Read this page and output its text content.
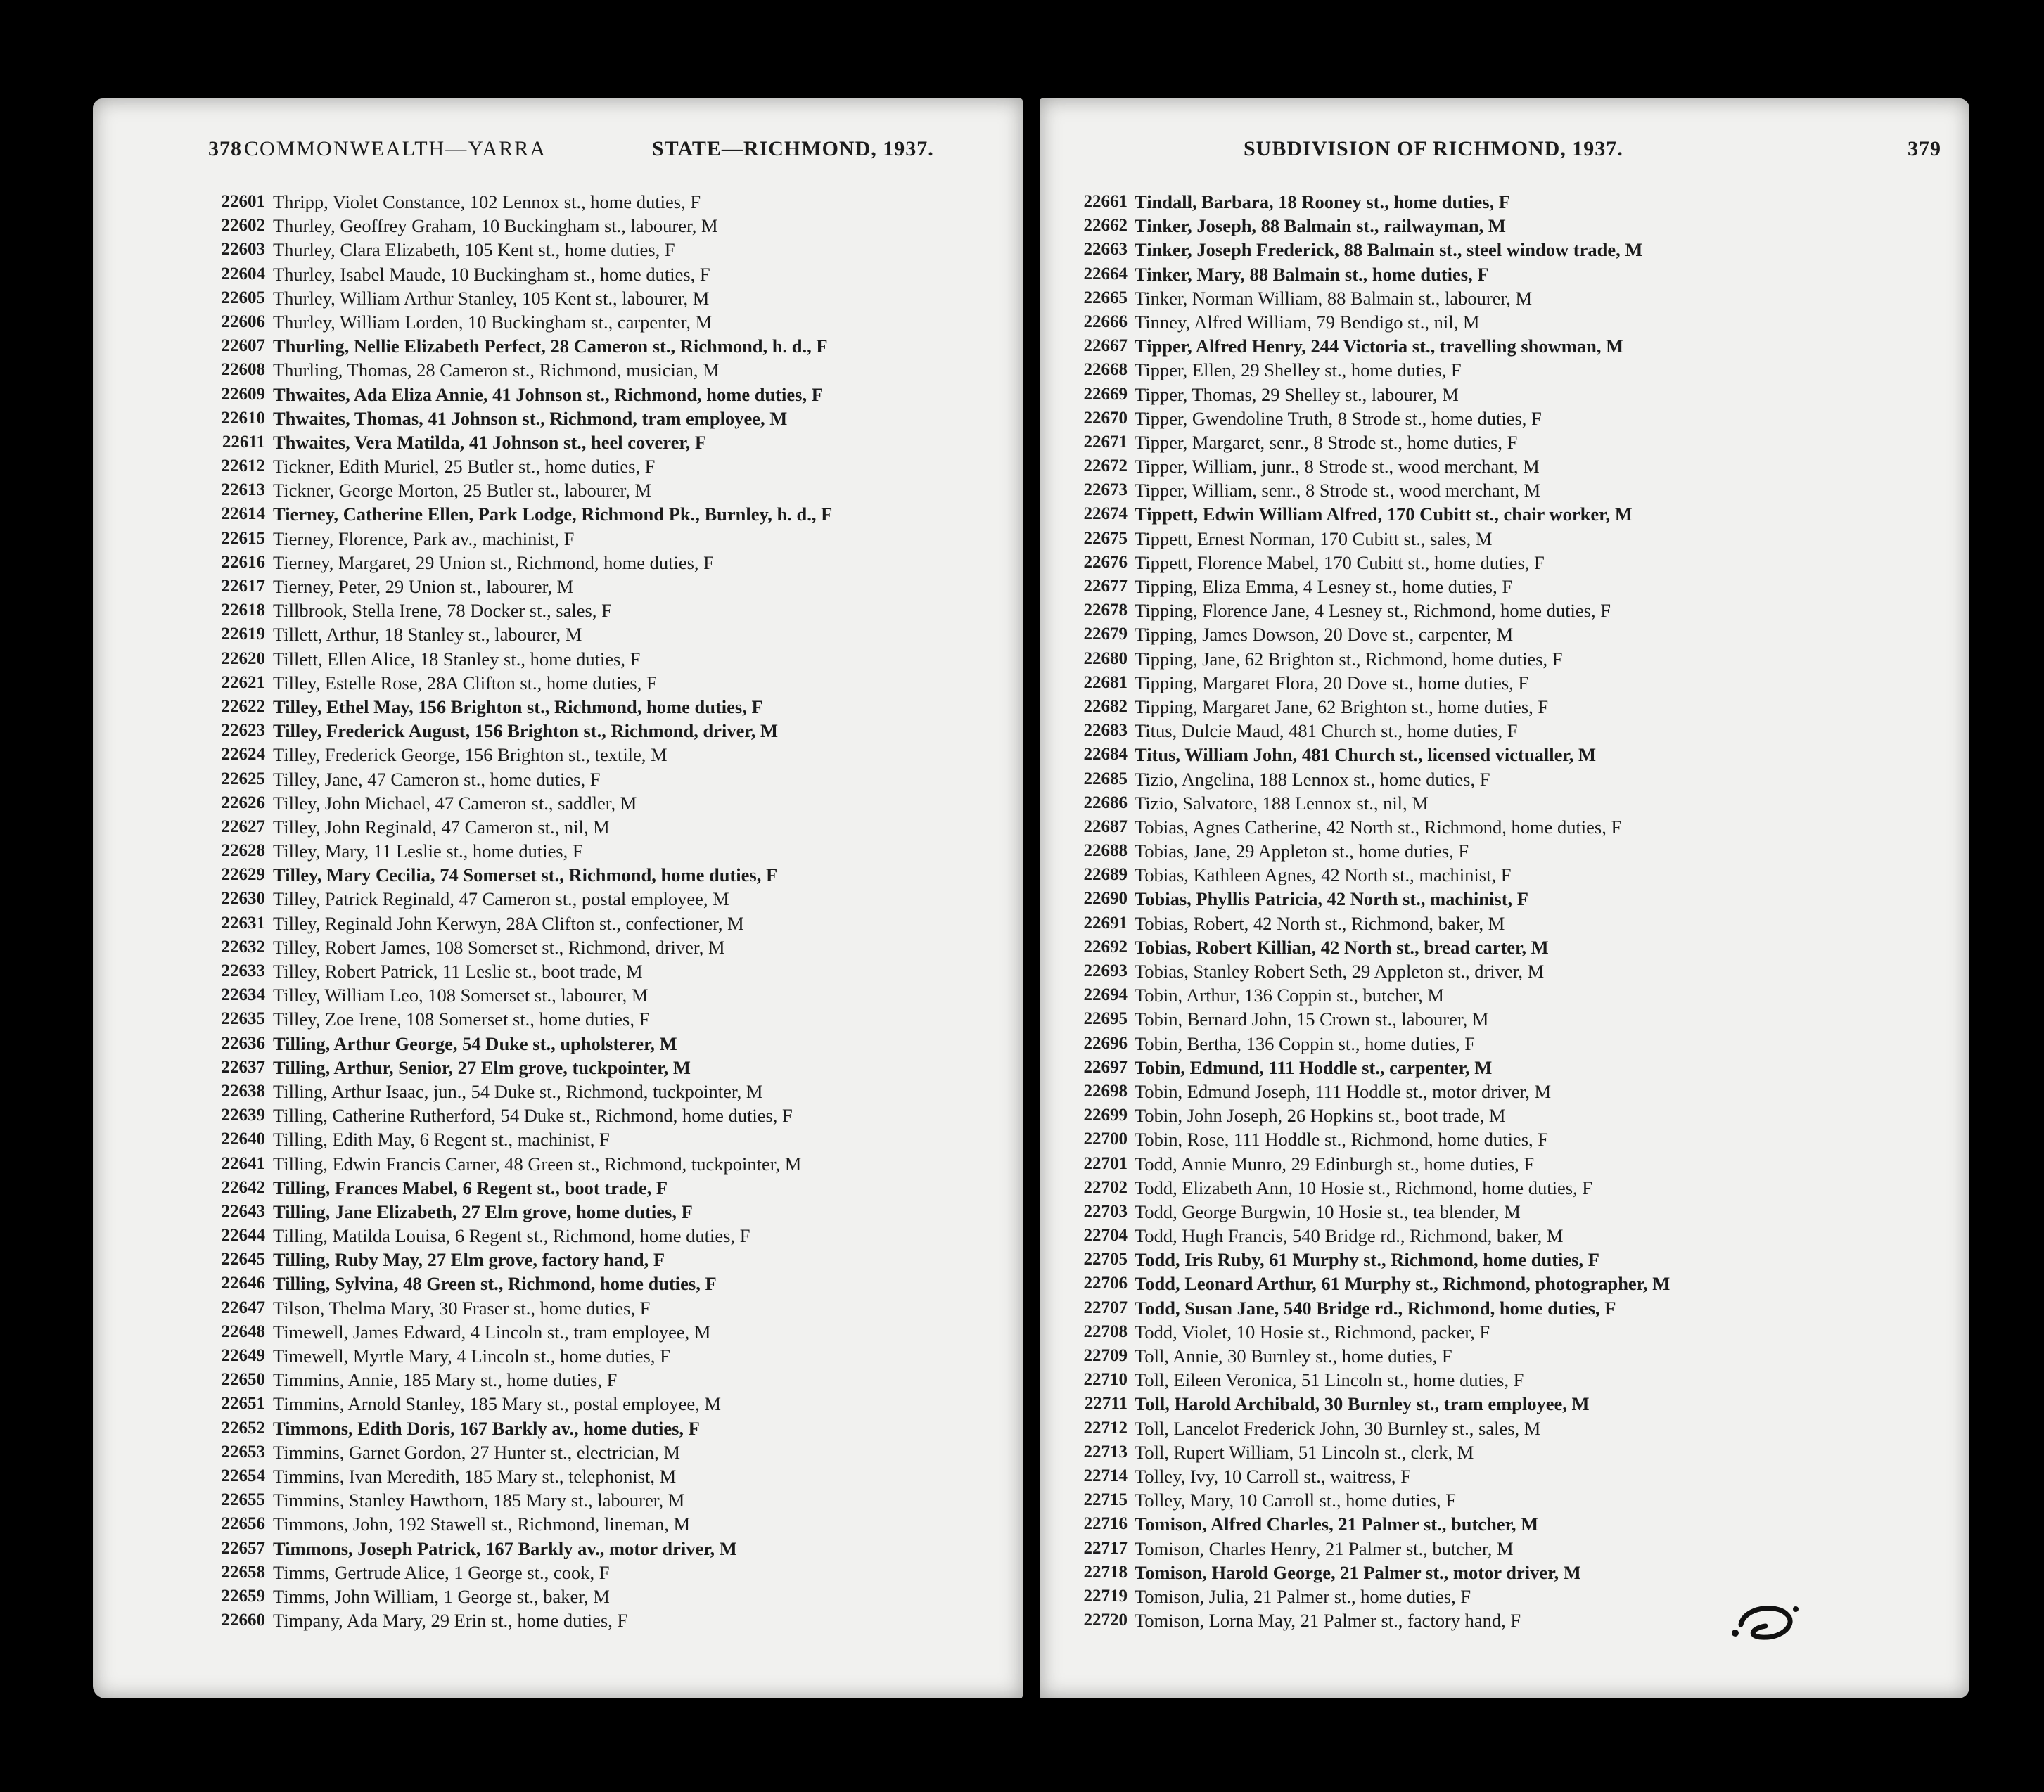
378 COMMONWEALTH—YARRA	STATE—RICHMOND, 1937.
22601 Thripp, Violet Constance, 102 Lennox st., home duties, F
22602 Thurley, Geoffrey Graham, 10 Buckingham st., labourer, M
22603 Thurley, Clara Elizabeth, 105 Kent st., home duties, F
22604 Thurley, Isabel Maude, 10 Buckingham st., home duties, F
22605 Thurley, William Arthur Stanley, 105 Kent st., labourer, M
22606 Thurley, William Lorden, 10 Buckingham st., carpenter, M
22607 Thurling, Nellie Elizabeth Perfect, 28 Cameron st., Richmond, h. d., F
22608 Thurling, Thomas, 28 Cameron st., Richmond, musician, M
22609 Thwaites, Ada Eliza Annie, 41 Johnson st., Richmond, home duties, F
22610 Thwaites, Thomas, 41 Johnson st., Richmond, tram employee, M
22611 Thwaites, Vera Matilda, 41 Johnson st., heel coverer, F
22612 Tickner, Edith Muriel, 25 Butler st., home duties, F
22613 Tickner, George Morton, 25 Butler st., labourer, M
22614 Tierney, Catherine Ellen, Park Lodge, Richmond Pk., Burnley, h. d., F
22615 Tierney, Florence, Park av., machinist, F
22616 Tierney, Margaret, 29 Union st., Richmond, home duties, F
22617 Tierney, Peter, 29 Union st., labourer, M
22618 Tillbrook, Stella Irene, 78 Docker st., sales, F
22619 Tillett, Arthur, 18 Stanley st., labourer, M
22620 Tillett, Ellen Alice, 18 Stanley st., home duties, F
22621 Tilley, Estelle Rose, 28A Clifton st., home duties, F
22622 Tilley, Ethel May, 156 Brighton st., Richmond, home duties, F
22623 Tilley, Frederick August, 156 Brighton st., Richmond, driver, M
22624 Tilley, Frederick George, 156 Brighton st., textile, M
22625 Tilley, Jane, 47 Cameron st., home duties, F
22626 Tilley, John Michael, 47 Cameron st., saddler, M
22627 Tilley, John Reginald, 47 Cameron st., nil, M
22628 Tilley, Mary, 11 Leslie st., home duties, F
22629 Tilley, Mary Cecilia, 74 Somerset st., Richmond, home duties, F
22630 Tilley, Patrick Reginald, 47 Cameron st., postal employee, M
22631 Tilley, Reginald John Kerwyn, 28A Clifton st., confectioner, M
22632 Tilley, Robert James, 108 Somerset st., Richmond, driver, M
22633 Tilley, Robert Patrick, 11 Leslie st., boot trade, M
22634 Tilley, William Leo, 108 Somerset st., labourer, M
22635 Tilley, Zoe Irene, 108 Somerset st., home duties, F
22636 Tilling, Arthur George, 54 Duke st., upholsterer, M
22637 Tilling, Arthur, Senior, 27 Elm grove, tuckpointer, M
22638 Tilling, Arthur Isaac, jun., 54 Duke st., Richmond, tuckpointer, M
22639 Tilling, Catherine Rutherford, 54 Duke st., Richmond, home duties, F
22640 Tilling, Edith May, 6 Regent st., machinist, F
22641 Tilling, Edwin Francis Carner, 48 Green st., Richmond, tuckpointer, M
22642 Tilling, Frances Mabel, 6 Regent st., boot trade, F
22643 Tilling, Jane Elizabeth, 27 Elm grove, home duties, F
22644 Tilling, Matilda Louisa, 6 Regent st., Richmond, home duties, F
22645 Tilling, Ruby May, 27 Elm grove, factory hand, F
22646 Tilling, Sylvina, 48 Green st., Richmond, home duties, F
22647 Tilson, Thelma Mary, 30 Fraser st., home duties, F
22648 Timewell, James Edward, 4 Lincoln st., tram employee, M
22649 Timewell, Myrtle Mary, 4 Lincoln st., home duties, F
22650 Timmins, Annie, 185 Mary st., home duties, F
22651 Timmins, Arnold Stanley, 185 Mary st., postal employee, M
22652 Timmons, Edith Doris, 167 Barkly av., home duties, F
22653 Timmins, Garnet Gordon, 27 Hunter st., electrician, M
22654 Timmins, Ivan Meredith, 185 Mary st., telephonist, M
22655 Timmins, Stanley Hawthorn, 185 Mary st., labourer, M
22656 Timmons, John, 192 Stawell st., Richmond, lineman, M
22657 Timmons, Joseph Patrick, 167 Barkly av., motor driver, M
22658 Timms, Gertrude Alice, 1 George st., cook, F
22659 Timms, John William, 1 George st., baker, M
22660 Timpany, Ada Mary, 29 Erin st., home duties, F
SUBDIVISION OF RICHMOND, 1937.	379
22661 Tindall, Barbara, 18 Rooney st., home duties, F
22662 Tinker, Joseph, 88 Balmain st., railwayman, M
22663 Tinker, Joseph Frederick, 88 Balmain st., steel window trade, M
22664 Tinker, Mary, 88 Balmain st., home duties, F
22665 Tinker, Norman William, 88 Balmain st., labourer, M
22666 Tinney, Alfred William, 79 Bendigo st., nil, M
22667 Tipper, Alfred Henry, 244 Victoria st., travelling showman, M
22668 Tipper, Ellen, 29 Shelley st., home duties, F
22669 Tipper, Thomas, 29 Shelley st., labourer, M
22670 Tipper, Gwendoline Truth, 8 Strode st., home duties, F
22671 Tipper, Margaret, senr., 8 Strode st., home duties, F
22672 Tipper, William, junr., 8 Strode st., wood merchant, M
22673 Tipper, William, senr., 8 Strode st., wood merchant, M
22674 Tippett, Edwin William Alfred, 170 Cubitt st., chair worker, M
22675 Tippett, Ernest Norman, 170 Cubitt st., sales, M
22676 Tippett, Florence Mabel, 170 Cubitt st., home duties, F
22677 Tipping, Eliza Emma, 4 Lesney st., home duties, F
22678 Tipping, Florence Jane, 4 Lesney st., Richmond, home duties, F
22679 Tipping, James Dowson, 20 Dove st., carpenter, M
22680 Tipping, Jane, 62 Brighton st., Richmond, home duties, F
22681 Tipping, Margaret Flora, 20 Dove st., home duties, F
22682 Tipping, Margaret Jane, 62 Brighton st., home duties, F
22683 Titus, Dulcie Maud, 481 Church st., home duties, F
22684 Titus, William John, 481 Church st., licensed victualler, M
22685 Tizio, Angelina, 188 Lennox st., home duties, F
22686 Tizio, Salvatore, 188 Lennox st., nil, M
22687 Tobias, Agnes Catherine, 42 North st., Richmond, home duties, F
22688 Tobias, Jane, 29 Appleton st., home duties, F
22689 Tobias, Kathleen Agnes, 42 North st., machinist, F
22690 Tobias, Phyllis Patricia, 42 North st., machinist, F
22691 Tobias, Robert, 42 North st., Richmond, baker, M
22692 Tobias, Robert Killian, 42 North st., bread carter, M
22693 Tobias, Stanley Robert Seth, 29 Appleton st., driver, M
22694 Tobin, Arthur, 136 Coppin st., butcher, M
22695 Tobin, Bernard John, 15 Crown st., labourer, M
22696 Tobin, Bertha, 136 Coppin st., home duties, F
22697 Tobin, Edmund, 111 Hoddle st., carpenter, M
22698 Tobin, Edmund Joseph, 111 Hoddle st., motor driver, M
22699 Tobin, John Joseph, 26 Hopkins st., boot trade, M
22700 Tobin, Rose, 111 Hoddle st., Richmond, home duties, F
22701 Todd, Annie Munro, 29 Edinburgh st., home duties, F
22702 Todd, Elizabeth Ann, 10 Hosie st., Richmond, home duties, F
22703 Todd, George Burgwin, 10 Hosie st., tea blender, M
22704 Todd, Hugh Francis, 540 Bridge rd., Richmond, baker, M
22705 Todd, Iris Ruby, 61 Murphy st., Richmond, home duties, F
22706 Todd, Leonard Arthur, 61 Murphy st., Richmond, photographer, M
22707 Todd, Susan Jane, 540 Bridge rd., Richmond, home duties, F
22708 Todd, Violet, 10 Hosie st., Richmond, packer, F
22709 Toll, Annie, 30 Burnley st., home duties, F
22710 Toll, Eileen Veronica, 51 Lincoln st., home duties, F
22711 Toll, Harold Archibald, 30 Burnley st., tram employee, M
22712 Toll, Lancelot Frederick John, 30 Burnley st., sales, M
22713 Toll, Rupert William, 51 Lincoln st., clerk, M
22714 Tolley, Ivy, 10 Carroll st., waitress, F
22715 Tolley, Mary, 10 Carroll st., home duties, F
22716 Tomison, Alfred Charles, 21 Palmer st., butcher, M
22717 Tomison, Charles Henry, 21 Palmer st., butcher, M
22718 Tomison, Harold George, 21 Palmer st., motor driver, M
22719 Tomison, Julia, 21 Palmer st., home duties, F
22720 Tomison, Lorna May, 21 Palmer st., factory hand, F
